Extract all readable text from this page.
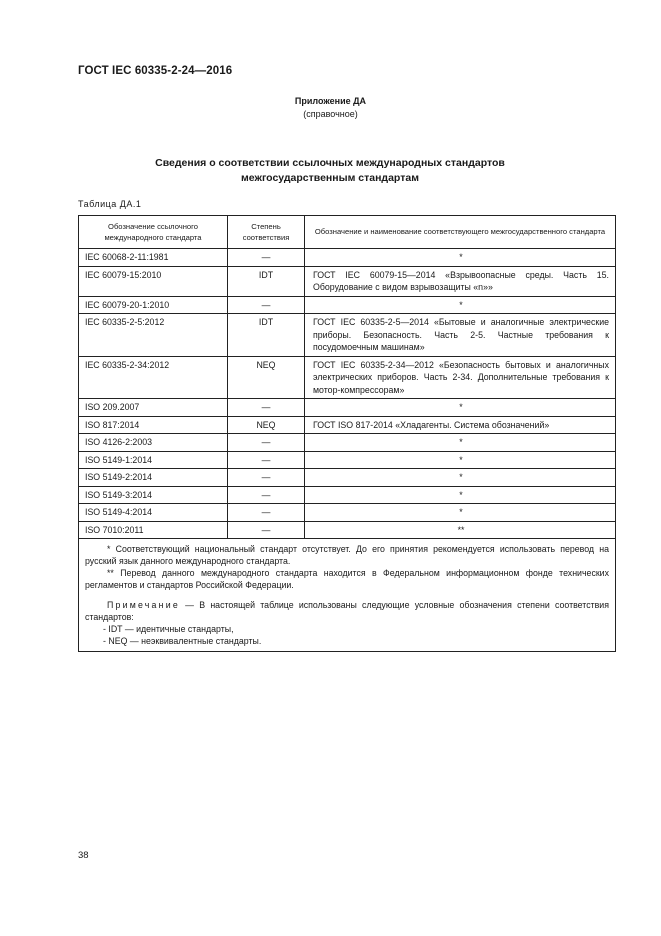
ГОСТ IEC 60335-2-24—2016
Приложение ДА
(справочное)
Сведения о соответствии ссылочных международных стандартов
межгосударственным стандартам
Таблица ДА.1
Обозначение ссылочного международного стандарта	Степень соответствия	Обозначение и наименование соответствующего межгосударственного стандарта
IEC 60068-2-11:1981	—	*
IEC 60079-15:2010	IDT	ГОСТ IEC 60079-15—2014 «Взрывоопасные среды. Часть 15. Оборудование с видом взрывозащиты «n»»
IEC 60079-20-1:2010	—	*
IEC 60335-2-5:2012	IDT	ГОСТ IEC 60335-2-5—2014 «Бытовые и аналогичные электрические приборы. Безопасность. Часть 2-5. Частные требования к посудомоечным машинам»
IEC 60335-2-34:2012	NEQ	ГОСТ IEC 60335-2-34—2012 «Безопасность бытовых и аналогичных электрических приборов. Часть 2-34. Дополнительные требования к мотор-компрессорам»
ISO 209.2007	—	*
ISO 817:2014	NEQ	ГОСТ ISO 817-2014 «Хладагенты. Система обозначений»
ISO 4126-2:2003	—	*
ISO 5149-1:2014	—	*
ISO 5149-2:2014	—	*
ISO 5149-3:2014	—	*
ISO 5149-4:2014	—	*
ISO 7010:2011	—	**

* Соответствующий национальный стандарт отсутствует. До его принятия рекомендуется использовать перевод на русский язык данного международного стандарта.

** Перевод данного международного стандарта находится в Федеральном информационном фонде технических регламентов и стандартов Российской Федерации.

Примечание — В настоящей таблице использованы следующие условные обозначения степени соответствия стандартов:

- IDT — идентичные стандарты,

- NEQ — неэквивалентные стандарты.		

38
